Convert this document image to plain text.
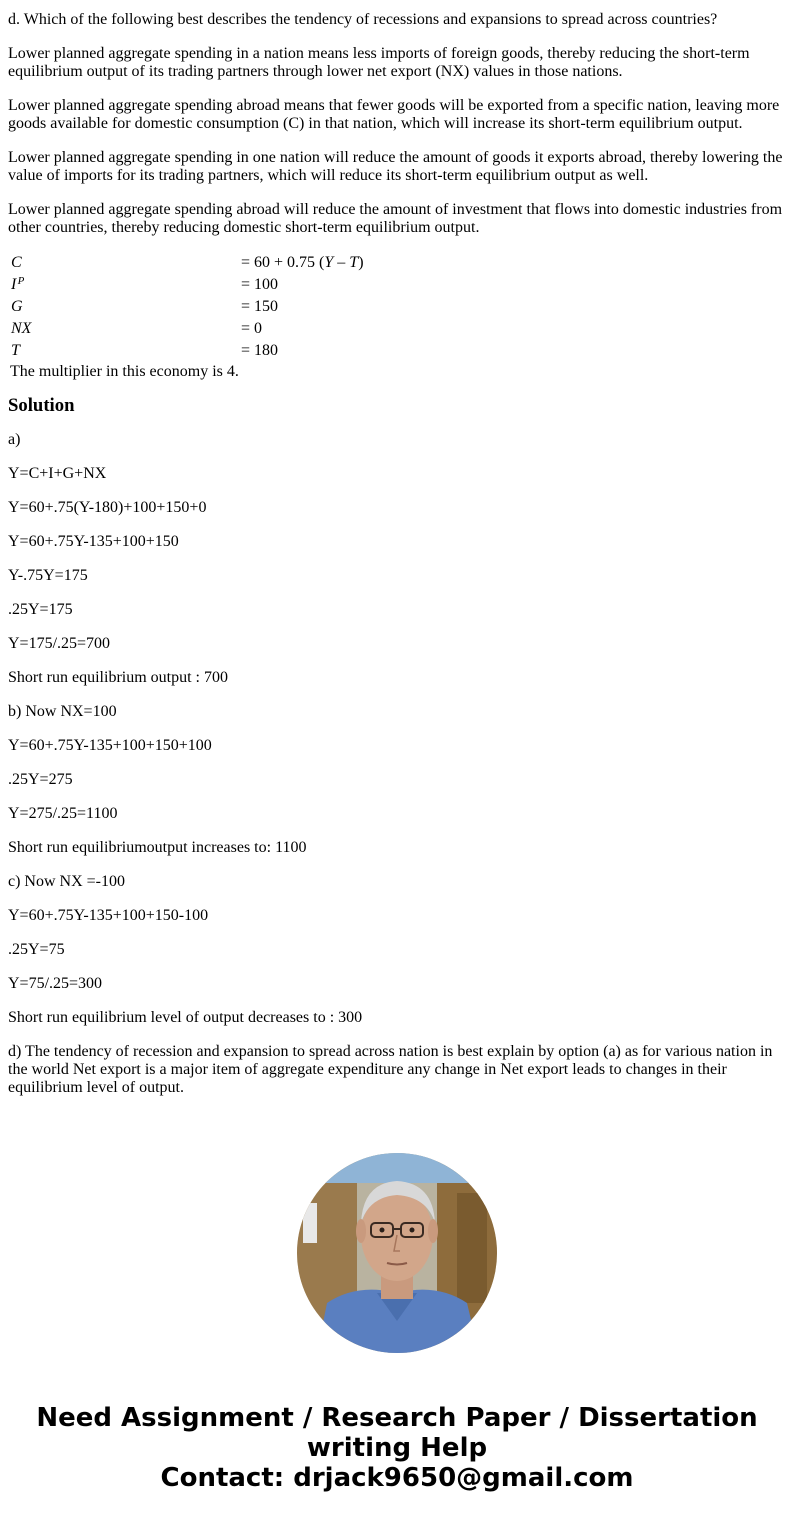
d. Which of the following best describes the tendency of recessions and expansions to spread across countries?

Lower planned aggregate spending in a nation means less imports of foreign goods, thereby reducing the short-term equilibrium output of its trading partners through lower net export (NX) values in those nations.

Lower planned aggregate spending abroad means that fewer goods will be exported from a specific nation, leaving more goods available for domestic consumption (C) in that nation, which will increase its short-term equilibrium output.

Lower planned aggregate spending in one nation will reduce the amount of goods it exports abroad, thereby lowering the value of imports for its trading partners, which will reduce its short-term equilibrium output as well.

Lower planned aggregate spending abroad will reduce the amount of investment that flows into domestic industries from other countries, thereby reducing domestic short-term equilibrium output.

C	= 60 + 0.75 (Y – T)
I $^P$	= 100
G	= 150
NX	= 0
T	= 180
The multiplier in this economy is 4.
Solution

a)

Y=C+I+G+NX

Y=60+.75(Y-180)+100+150+0

Y=60+.75Y-135+100+150

Y-.75Y=175

.25Y=175

Y=175/.25=700

Short run equilibrium output : 700

b) Now NX=100

Y=60+.75Y-135+100+150+100

.25Y=275

Y=275/.25=1100

Short run equilibriumoutput increases to: 1100

c) Now NX =-100

Y=60+.75Y-135+100+150-100

.25Y=75

Y=75/.25=300

Short run equilibrium level of output decreases to : 300

d) The tendency of recession and expansion to spread across nation is best explain by option (a) as for various nation in the world Net export is a major item of aggregate expenditure any change in Net export leads to changes in their equilibrium level of output.

Need Assignment / Research Paper / Dissertation writing Help
Contact: drjack9650@gmail.com
